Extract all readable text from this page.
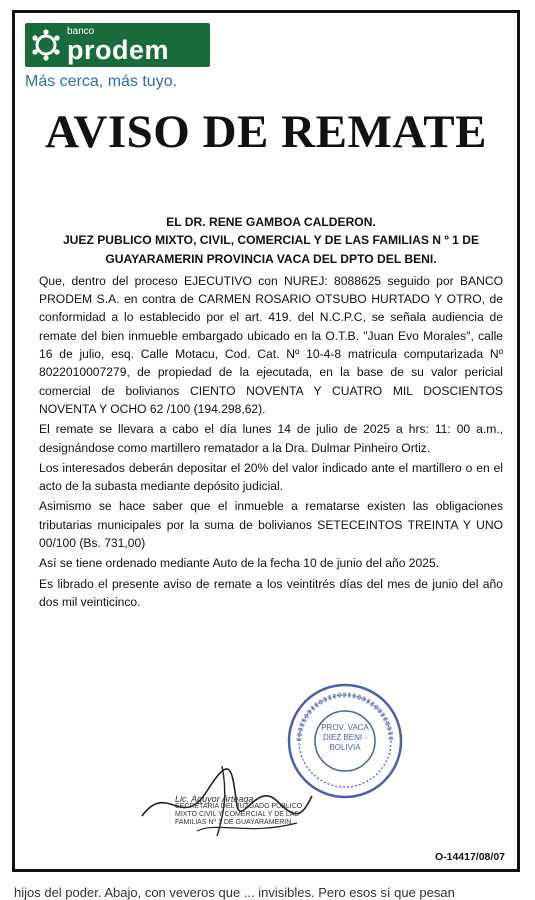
banco
prodem
Más cerca, más tuyo.
AVISO DE REMATE

EL DR. RENE GAMBOA CALDERON.

JUEZ PUBLICO MIXTO, CIVIL, COMERCIAL Y DE LAS FAMILIAS N º 1 DE GUAYARAMERIN PROVINCIA VACA DEL DPTO DEL BENI.

Que, dentro del proceso EJECUTIVO con NUREJ: 8088625 seguido por BANCO PRODEM S.A. en contra de CARMEN ROSARIO OTSUBO HURTADO Y OTRO, de conformidad a lo establecido por el art. 419. del N.C.P.C, se señala audiencia de remate del bien inmueble embargado ubicado en la O.T.B. "Juan Evo Morales", calle 16 de julio, esq. Calle Motacu, Cod. Cat. Nº 10-4-8 matricula computarizada Nº 8022010007279, de propiedad de la ejecutada, en la base de su valor pericial comercial de bolivianos CIENTO NOVENTA Y CUATRO MIL DOSCIENTOS NOVENTA Y OCHO 62 /100 (194.298,62).

El remate se llevara a cabo el día lunes 14 de julio de 2025 a hrs: 11: 00 a.m., designándose como martillero rematador a la Dra. Dulmar Pinheiro Ortiz.

Los interesados deberán depositar el 20% del valor indicado ante el martillero o en el acto de la subasta mediante depósito judicial.

Asimismo se hace saber que el inmueble a rematarse existen las obligaciones tributarias municipales por la suma de bolivianos SETECEINTOS TREINTA Y UNO 00/100 (Bs. 731,00)

Así se tiene ordenado mediante Auto de la fecha 10 de junio del año 2025.

Es librado el presente aviso de remate a los veintitrés días del mes de junio del año dos mil veinticinco.

PROV. VACA DIEZ BENI - BOLIVIA
Lic. Aguyor Arteaga
SECRETARIA DEL JUZGADO PUBLICO
MIXTO CIVIL Y COMERCIAL Y DE LAS
FAMILIAS Nº 1 DE GUAYARAMERIN
O-14417/08/07
hijos del poder. Abajo, con veveros que ... invisibles. Pero esos sí que pesan
